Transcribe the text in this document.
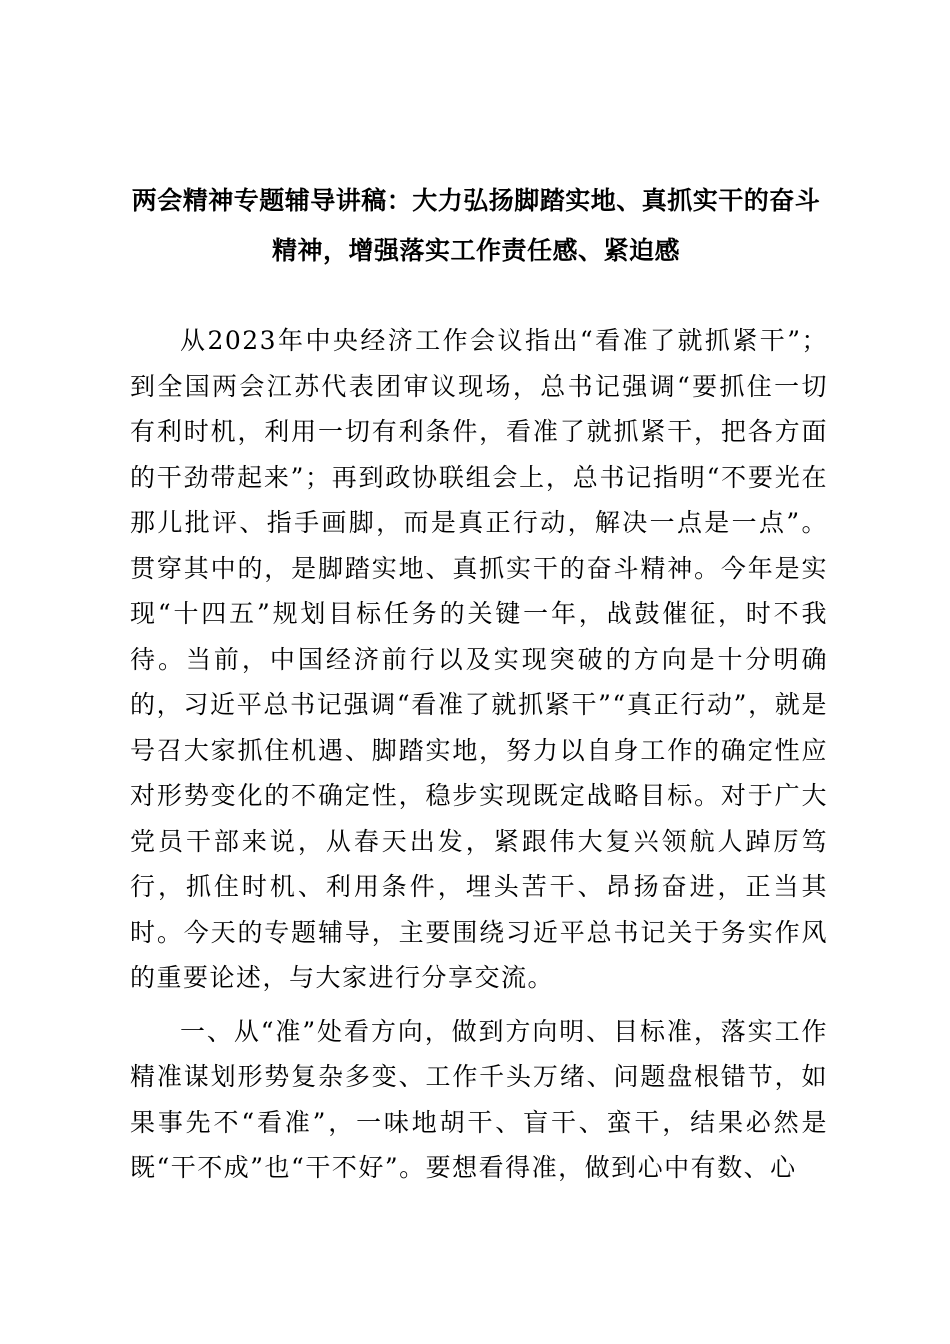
两会精神专题辅导讲稿：大力弘扬脚踏实地、真抓实干的奋斗精神，增强落实工作责任感、紧迫感

从2023年中央经济工作会议指出“看准了就抓紧干”；到全国两会江苏代表团审议现场，总书记强调“要抓住一切有利时机，利用一切有利条件，看准了就抓紧干，把各方面的干劲带起来”；再到政协联组会上，总书记指明“不要光在那儿批评、指手画脚，而是真正行动，解决一点是一点”。贯穿其中的，是脚踏实地、真抓实干的奋斗精神。今年是实现“十四五”规划目标任务的关键一年，战鼓催征，时不我待。当前，中国经济前行以及实现突破的方向是十分明确的，习近平总书记强调“看准了就抓紧干”“真正行动”，就是号召大家抓住机遇、脚踏实地，努力以自身工作的确定性应对形势变化的不确定性，稳步实现既定战略目标。对于广大党员干部来说，从春天出发，紧跟伟大复兴领航人踔厉笃行，抓住时机、利用条件，埋头苦干、昂扬奋进，正当其时。今天的专题辅导，主要围绕习近平总书记关于务实作风的重要论述，与大家进行分享交流。

一、从“准”处看方向，做到方向明、目标准，落实工作精准谋划形势复杂多变、工作千头万绪、问题盘根错节，如果事先不“看准”，一味地胡干、盲干、蛮干，结果必然是既“干不成”也“干不好”。要想看得准，做到心中有数、心
